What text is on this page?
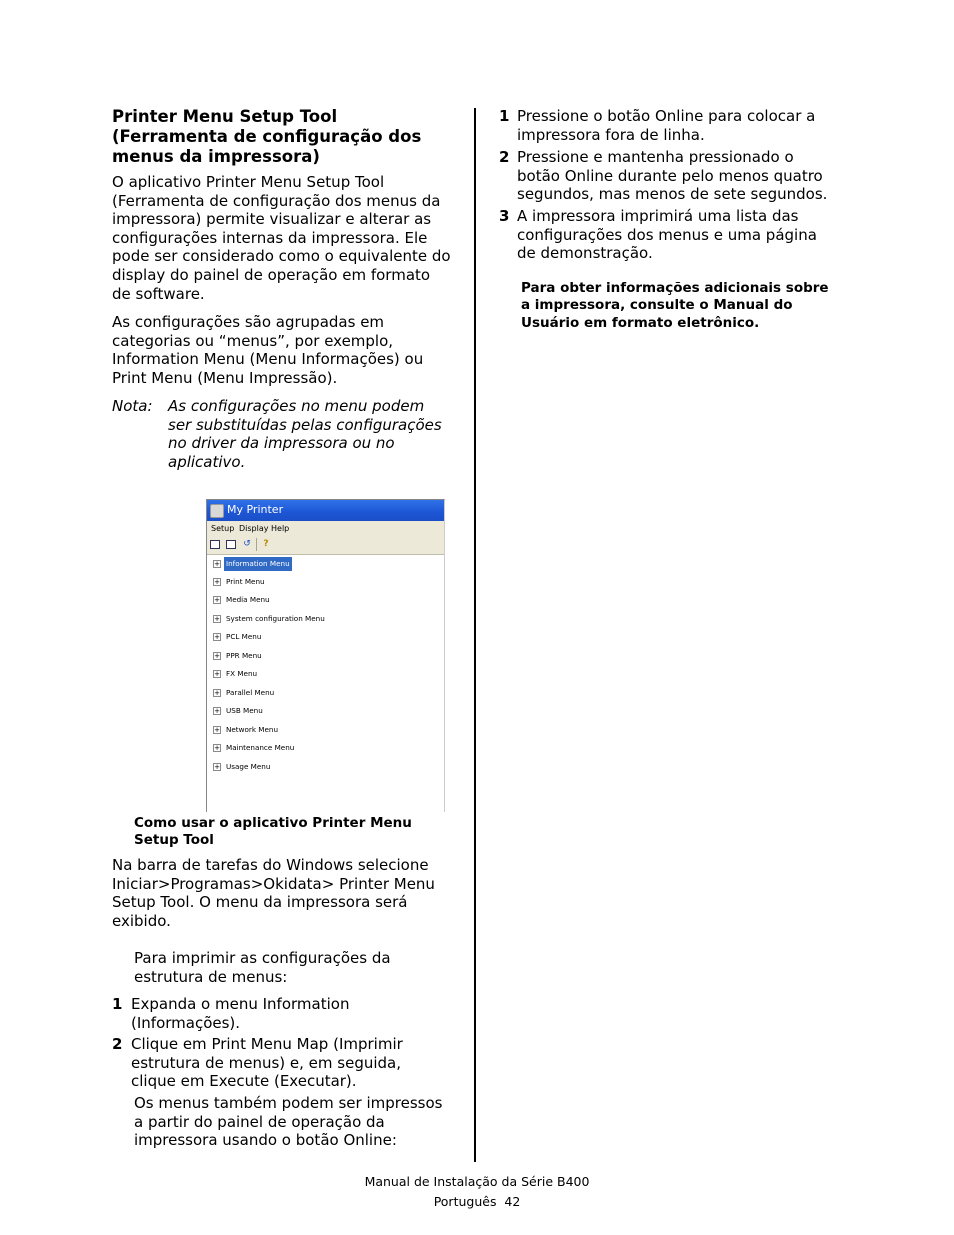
Printer Menu Setup Tool
(Ferramenta de configuração dos
menus da impressora)
O aplicativo Printer Menu Setup Tool
(Ferramenta de configuração dos menus da
impressora) permite visualizar e alterar as
configurações internas da impressora. Ele
pode ser considerado como o equivalente do
display do painel de operação em formato
de software.
As configurações são agrupadas em
categorias ou “menus”, por exemplo,
Information Menu (Menu Informações) ou
Print Menu (Menu Impressão).
Nota: As configurações no menu podem
ser substituídas pelas configurações
no driver da impressora ou no
aplicativo.
My Printer
Setup Display Help
↺ ?
+ Information Menu
+ Print Menu
+ Media Menu
+ System configuration Menu
+ PCL Menu
+ PPR Menu
+ FX Menu
+ Parallel Menu
+ USB Menu
+ Network Menu
+ Maintenance Menu
+ Usage Menu
Como usar o aplicativo Printer Menu
Setup Tool
Na barra de tarefas do Windows selecione
Iniciar>Programas>Okidata> Printer Menu
Setup Tool. O menu da impressora será
exibido.
Para imprimir as configurações da
estrutura de menus:
1 Expanda o menu Information
(Informações).
2 Clique em Print Menu Map (Imprimir
estrutura de menus) e, em seguida,
clique em Execute (Executar).
Os menus também podem ser impressos
a partir do painel de operação da
impressora usando o botão Online:
1 Pressione o botão Online para colocar a
impressora fora de linha.
2 Pressione e mantenha pressionado o
botão Online durante pelo menos quatro
segundos, mas menos de sete segundos.
3 A impressora imprimirá uma lista das
configurações dos menus e uma página
de demonstração.
Para obter informações adicionais sobre
a impressora, consulte o Manual do
Usuário em formato eletrônico.
Manual de Instalação da Série B400
Português  42
